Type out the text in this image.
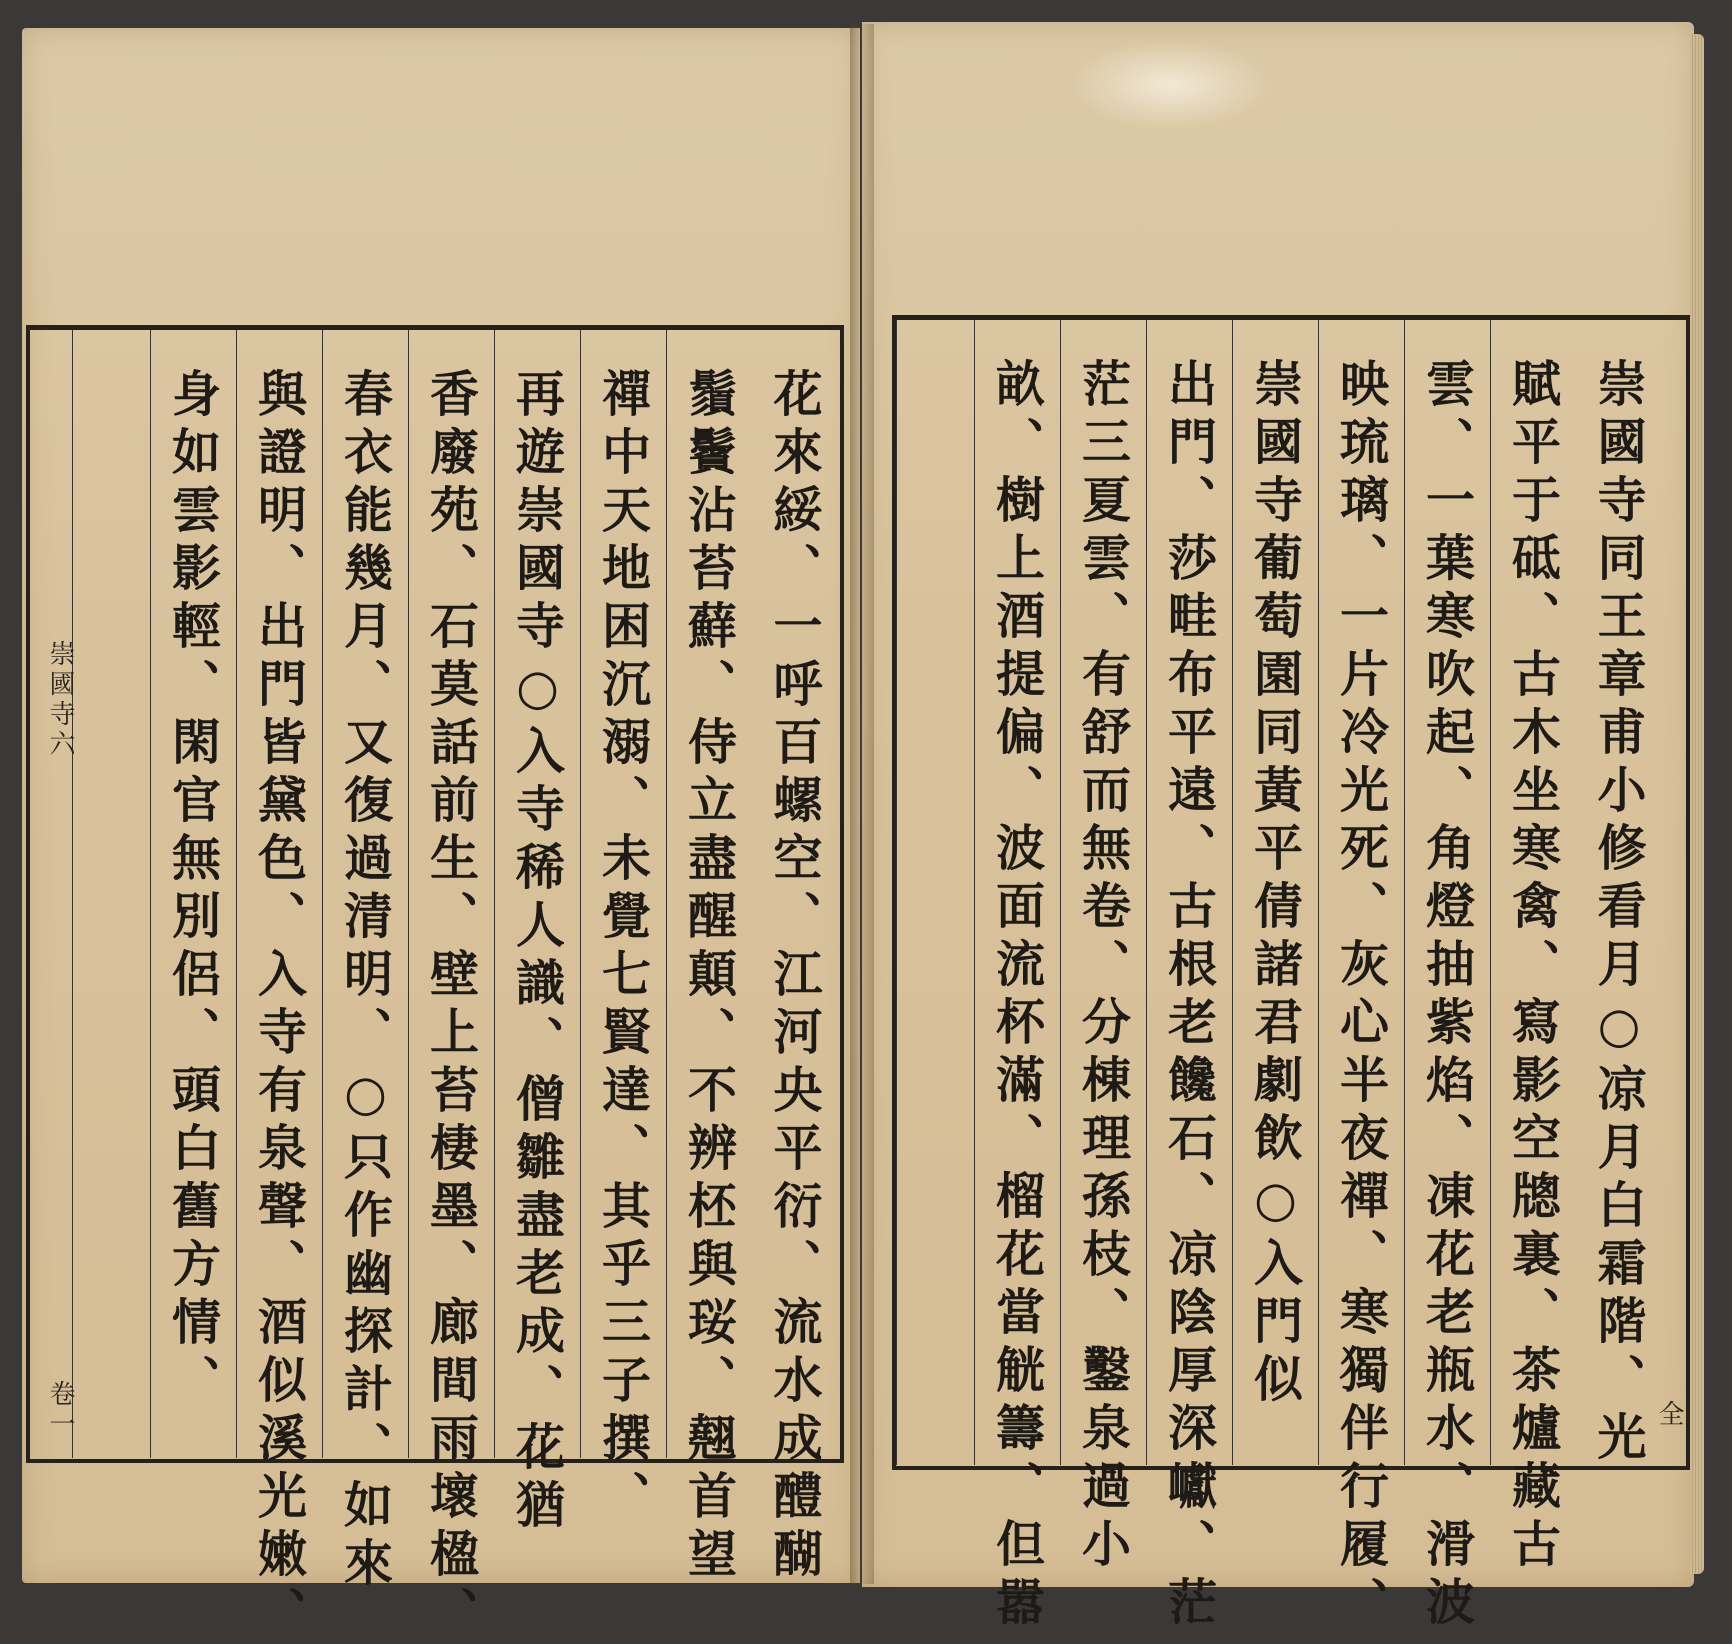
花來綏、一呼百螺空、江河央平衍、流水成醴醐
鬚鬢沾苔蘚、侍立盡醒顛、不辨柸與珱、翹首望
禪中天地困沉溺、未覺七賢達、其乎三子撰、
再遊崇國寺○入寺稀人識、僧雛盡老成、花猶
香廢苑、石莫話前生、壁上苔棲墨、廊間雨壞楹、
春衣能幾月、又復過清明、○只作幽探計、如來
與證明、出門皆黛色、入寺有泉聲、酒似溪光嫩、
身如雲影輕、閑官無別侶、頭白舊方情、
崇國寺六
卷一	崇國寺同王章甫小修看月○凉月白霜階、光
賦平于砥、古木坐寒禽、寫影空牕裏、茶爐藏古
雲、一葉寒吹起、角燈抽紫焰、凍花老瓶水、滑波
映琉璃、一片冷光死、灰心半夜禪、寒獨伴行履、
崇國寺葡萄園同黃平倩諸君劇飲○入門似
出門、莎畦布平遠、古根老饞石、凉陰厚深巘、茫
茫三夏雲、有舒而無卷、分棟理孫枝、鑿泉過小
畝、樹上酒提偏、波面流杯滿、榴花當觥籌、但嚣	全
